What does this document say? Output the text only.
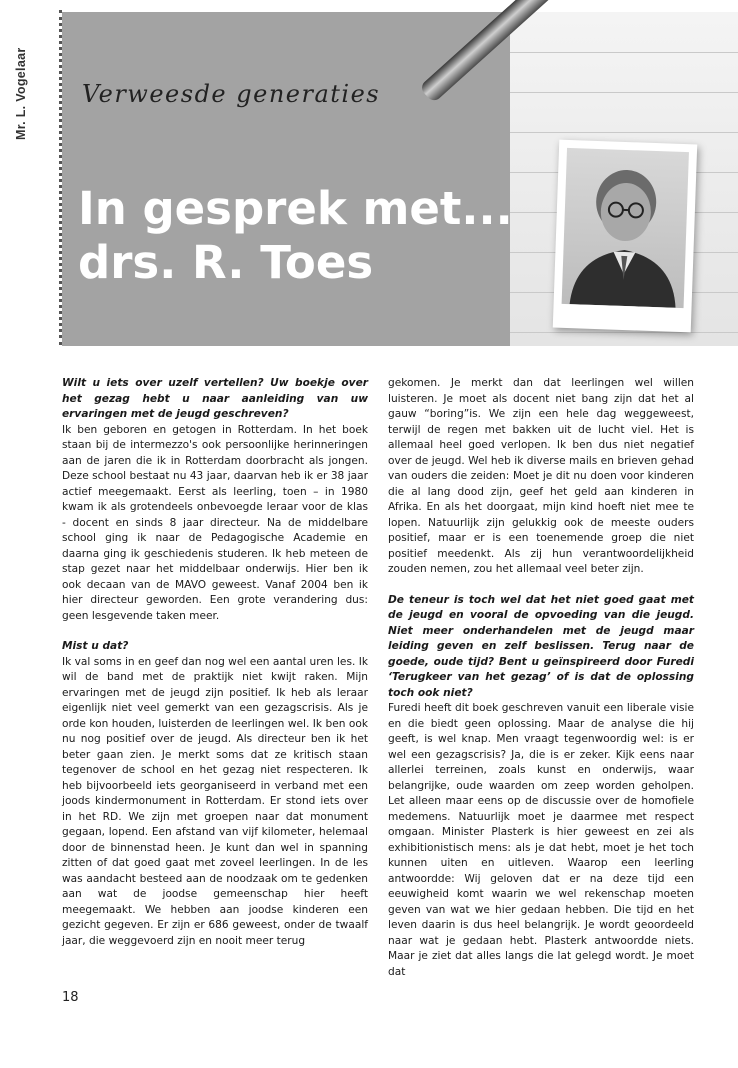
Mr. L. Vogelaar Verweesde generaties
In gesprek met...
drs. R. Toes

Wilt u iets over uzelf vertellen? Uw boekje over het gezag hebt u naar aanleiding van uw ervaringen met de jeugd geschreven?

Ik ben geboren en getogen in Rotterdam. In het boek staan bij de intermezzo's ook persoonlijke herinneringen aan de jaren die ik in Rotterdam doorbracht als jongen. Deze school bestaat nu 43 jaar, daarvan heb ik er 38 jaar actief meegemaakt. Eerst als leerling, toen – in 1980 kwam ik als grotendeels onbevoegde leraar voor de klas - docent en sinds 8 jaar directeur. Na de middelbare school ging ik naar de Pedagogische Academie en daarna ging ik geschiedenis studeren. Ik heb meteen de stap gezet naar het middelbaar onderwijs. Hier ben ik ook decaan van de MAVO geweest. Vanaf 2004 ben ik hier directeur geworden. Een grote verandering dus: geen lesgevende taken meer.

Mist u dat?

Ik val soms in en geef dan nog wel een aantal uren les. Ik wil de band met de praktijk niet kwijt raken. Mijn ervaringen met de jeugd zijn positief. Ik heb als leraar eigenlijk niet veel gemerkt van een gezagscrisis. Als je orde kon houden, luisterden de leerlingen wel. Ik ben ook nu nog positief over de jeugd. Als directeur ben ik het beter gaan zien. Je merkt soms dat ze kritisch staan tegenover de school en het gezag niet respecteren. Ik heb bijvoorbeeld iets georganiseerd in verband met een joods kindermonument in Rotterdam. Er stond iets over in het RD. We zijn met groepen naar dat monument gegaan, lopend. Een afstand van vijf kilometer, helemaal door de binnenstad heen. Je kunt dan wel in spanning zitten of dat goed gaat met zoveel leerlingen. In de les was aandacht besteed aan de noodzaak om te gedenken aan wat de joodse gemeenschap hier heeft meegemaakt. We hebben aan joodse kinderen een gezicht gegeven. Er zijn er 686 geweest, onder de twaalf jaar, die weggevoerd zijn en nooit meer terug

gekomen. Je merkt dan dat leerlingen wel willen luisteren. Je moet als docent niet bang zijn dat het al gauw “boring”is. We zijn een hele dag weggeweest, terwijl de regen met bakken uit de lucht viel. Het is allemaal heel goed verlopen. Ik ben dus niet negatief over de jeugd. Wel heb ik diverse mails en brieven gehad van ouders die zeiden: Moet je dit nu doen voor kinderen die al lang dood zijn, geef het geld aan kinderen in Afrika. En als het doorgaat, mijn kind hoeft niet mee te lopen. Natuurlijk zijn gelukkig ook de meeste ouders positief, maar er is een toenemende groep die niet positief meedenkt. Als zij hun verantwoordelijkheid zouden nemen, zou het allemaal veel beter zijn.

De teneur is toch wel dat het niet goed gaat met de jeugd en vooral de opvoeding van die jeugd. Niet meer onderhandelen met de jeugd maar leiding geven en zelf beslissen. Terug naar de goede, oude tijd? Bent u geïnspireerd door Furedi ‘Terugkeer van het gezag’ of is dat de oplossing toch ook niet?

Furedi heeft dit boek geschreven vanuit een liberale visie en die biedt geen oplossing. Maar de analyse die hij geeft, is wel knap. Men vraagt tegenwoordig wel: is er wel een gezagscrisis? Ja, die is er zeker. Kijk eens naar allerlei terreinen, zoals kunst en onderwijs, waar belangrijke, oude waarden om zeep worden geholpen. Let alleen maar eens op de discussie over de homofiele medemens. Natuurlijk moet je daarmee met respect omgaan. Minister Plasterk is hier geweest en zei als exhibitionistisch mens: als je dat hebt, moet je het toch kunnen uiten en uitleven. Waarop een leerling antwoordde: Wij geloven dat er na deze tijd een eeuwigheid komt waarin we wel rekenschap moeten geven van wat we hier gedaan hebben. Die tijd en het leven daarin is dus heel belangrijk. Je wordt geoordeeld naar wat je gedaan hebt. Plasterk antwoordde niets. Maar je ziet dat alles langs die lat gelegd wordt. Je moet dat

18
